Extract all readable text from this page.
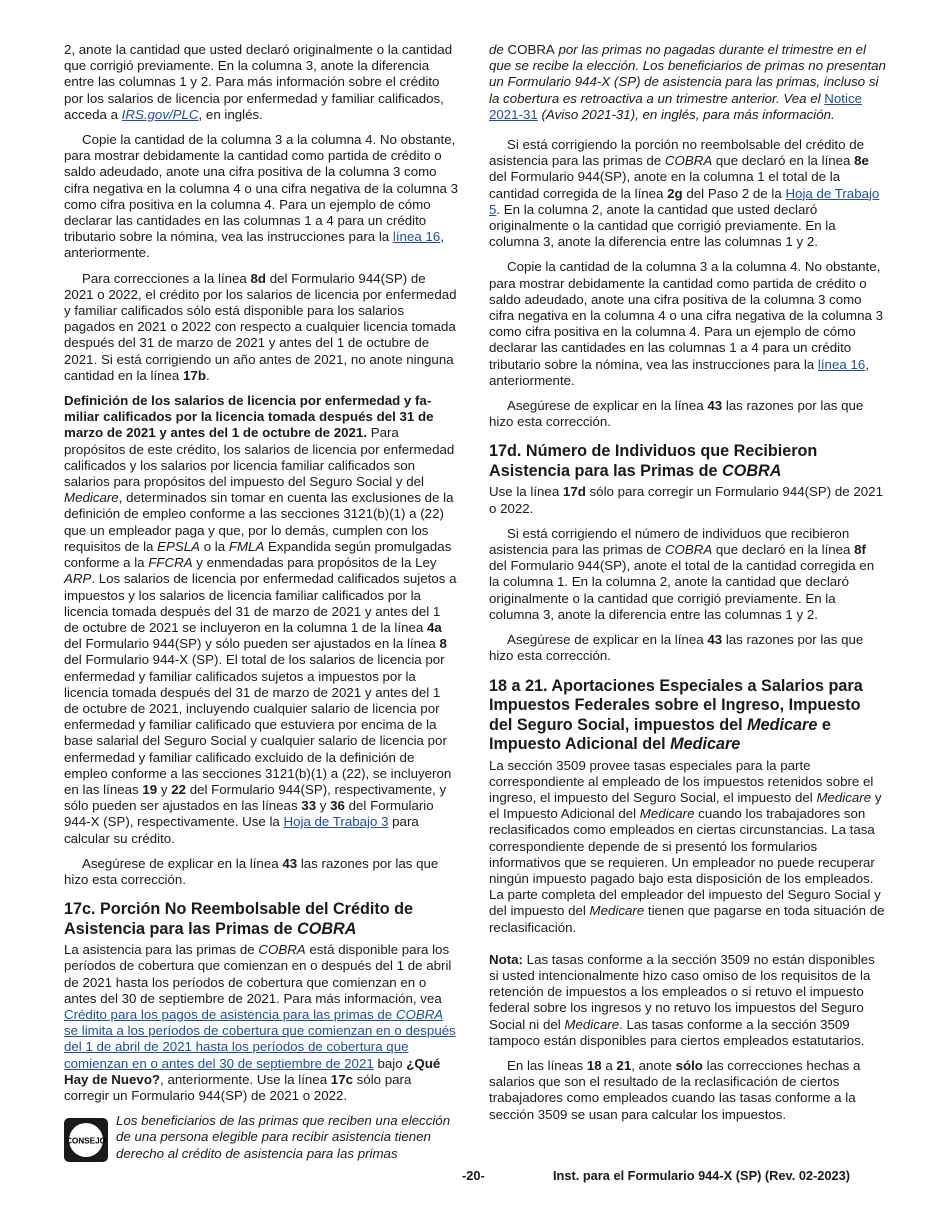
2, anote la cantidad que usted declaró originalmente o la cantidad que corrigió previamente. En la columna 3, anote la diferencia entre las columnas 1 y 2. Para más información sobre el crédito por los salarios de licencia por enfermedad y familiar calificados, acceda a IRS.gov/PLC, en inglés.

Copie la cantidad de la columna 3 a la columna 4. No obstante, para mostrar debidamente la cantidad como partida de crédito o saldo adeudado, anote una cifra positiva de la columna 3 como cifra negativa en la columna 4 o una cifra negativa de la columna 3 como cifra positiva en la columna 4. Para un ejemplo de cómo declarar las cantidades en las columnas 1 a 4 para un crédito tributario sobre la nómina, vea las instrucciones para la línea 16, anteriormente.

Para correcciones a la línea 8d del Formulario 944(SP) de 2021 o 2022, el crédito por los salarios de licencia por enfermedad y familiar calificados sólo está disponible para los salarios pagados en 2021 o 2022 con respecto a cualquier licencia tomada después del 31 de marzo de 2021 y antes del 1 de octubre de 2021. Si está corrigiendo un año antes de 2021, no anote ninguna cantidad en la línea 17b.

Definición de los salarios de licencia por enfermedad y fa-miliar calificados por la licencia tomada después del 31 de marzo de 2021 y antes del 1 de octubre de 2021. Para propósitos de este crédito, los salarios de licencia por enfermedad calificados y los salarios por licencia familiar calificados son salarios para propósitos del impuesto del Seguro Social y del Medicare, determinados sin tomar en cuenta las exclusiones de la definición de empleo conforme a las secciones 3121(b)(1) a (22) que un empleador paga y que, por lo demás, cumplen con los requisitos de la EPSLA o la FMLA Expandida según promulgadas conforme a la FFCRA y enmendadas para propósitos de la Ley ARP. Los salarios de licencia por enfermedad calificados sujetos a impuestos y los salarios de licencia familiar calificados por la licencia tomada después del 31 de marzo de 2021 y antes del 1 de octubre de 2021 se incluyeron en la columna 1 de la línea 4a del Formulario 944(SP) y sólo pueden ser ajustados en la línea 8 del Formulario 944-X (SP). El total de los salarios de licencia por enfermedad y familiar calificados sujetos a impuestos por la licencia tomada después del 31 de marzo de 2021 y antes del 1 de octubre de 2021, incluyendo cualquier salario de licencia por enfermedad y familiar calificado que estuviera por encima de la base salarial del Seguro Social y cualquier salario de licencia por enfermedad y familiar calificado excluido de la definición de empleo conforme a las secciones 3121(b)(1) a (22), se incluyeron en las líneas 19 y 22 del Formulario 944(SP), respectivamente, y sólo pueden ser ajustados en las líneas 33 y 36 del Formulario 944-X (SP), respectivamente. Use la Hoja de Trabajo 3 para calcular su crédito.

Asegúrese de explicar en la línea 43 las razones por las que hizo esta corrección.

17c. Porción No Reembolsable del Crédito de Asistencia para las Primas de COBRA

La asistencia para las primas de COBRA está disponible para los períodos de cobertura que comienzan en o después del 1 de abril de 2021 hasta los períodos de cobertura que comienzan en o antes del 30 de septiembre de 2021. Para más información, vea Crédito para los pagos de asistencia para las primas de COBRA se limita a los períodos de cobertura que comienzan en o después del 1 de abril de 2021 hasta los períodos de cobertura que comienzan en o antes del 30 de septiembre de 2021 bajo ¿Qué Hay de Nuevo?, anteriormente. Use la línea 17c sólo para corregir un Formulario 944(SP) de 2021 o 2022.

CONSEJO
Los beneficiarios de las primas que reciben una elección de una persona elegible para recibir asistencia tienen derecho al crédito de asistencia para las primas

de COBRA por las primas no pagadas durante el trimestre en el que se recibe la elección. Los beneficiarios de primas no presentan un Formulario 944-X (SP) de asistencia para las primas, incluso si la cobertura es retroactiva a un trimestre anterior. Vea el Notice 2021-31 (Aviso 2021-31), en inglés, para más información.

Si está corrigiendo la porción no reembolsable del crédito de asistencia para las primas de COBRA que declaró en la línea 8e del Formulario 944(SP), anote en la columna 1 el total de la cantidad corregida de la línea 2g del Paso 2 de la Hoja de Trabajo 5. En la columna 2, anote la cantidad que usted declaró originalmente o la cantidad que corrigió previamente. En la columna 3, anote la diferencia entre las columnas 1 y 2.

Copie la cantidad de la columna 3 a la columna 4. No obstante, para mostrar debidamente la cantidad como partida de crédito o saldo adeudado, anote una cifra positiva de la columna 3 como cifra negativa en la columna 4 o una cifra negativa de la columna 3 como cifra positiva en la columna 4. Para un ejemplo de cómo declarar las cantidades en las columnas 1 a 4 para un crédito tributario sobre la nómina, vea las instrucciones para la línea 16, anteriormente.

Asegúrese de explicar en la línea 43 las razones por las que hizo esta corrección.

17d. Número de Individuos que Recibieron Asistencia para las Primas de COBRA

Use la línea 17d sólo para corregir un Formulario 944(SP) de 2021 o 2022.

Si está corrigiendo el número de individuos que recibieron asistencia para las primas de COBRA que declaró en la línea 8f del Formulario 944(SP), anote el total de la cantidad corregida en la columna 1. En la columna 2, anote la cantidad que declaró originalmente o la cantidad que corrigió previamente. En la columna 3, anote la diferencia entre las columnas 1 y 2.

Asegúrese de explicar en la línea 43 las razones por las que hizo esta corrección.

18 a 21. Aportaciones Especiales a Salarios para Impuestos Federales sobre el Ingreso, Impuesto del Seguro Social, impuestos del Medicare e Impuesto Adicional del Medicare

La sección 3509 provee tasas especiales para la parte correspondiente al empleado de los impuestos retenidos sobre el ingreso, el impuesto del Seguro Social, el impuesto del Medicare y el Impuesto Adicional del Medicare cuando los trabajadores son reclasificados como empleados en ciertas circunstancias. La tasa correspondiente depende de si presentó los formularios informativos que se requieren. Un empleador no puede recuperar ningún impuesto pagado bajo esta disposición de los empleados. La parte completa del empleador del impuesto del Seguro Social y del impuesto del Medicare tienen que pagarse en toda situación de reclasificación.

Nota: Las tasas conforme a la sección 3509 no están disponibles si usted intencionalmente hizo caso omiso de los requisitos de la retención de impuestos a los empleados o si retuvo el impuesto federal sobre los ingresos y no retuvo los impuestos del Seguro Social ni del Medicare. Las tasas conforme a la sección 3509 tampoco están disponibles para ciertos empleados estatutarios.

En las líneas 18 a 21, anote sólo las correcciones hechas a salarios que son el resultado de la reclasificación de ciertos trabajadores como empleados cuando las tasas conforme a la sección 3509 se usan para calcular los impuestos.

-20-	Inst. para el Formulario 944-X (SP) (Rev. 02-2023)
